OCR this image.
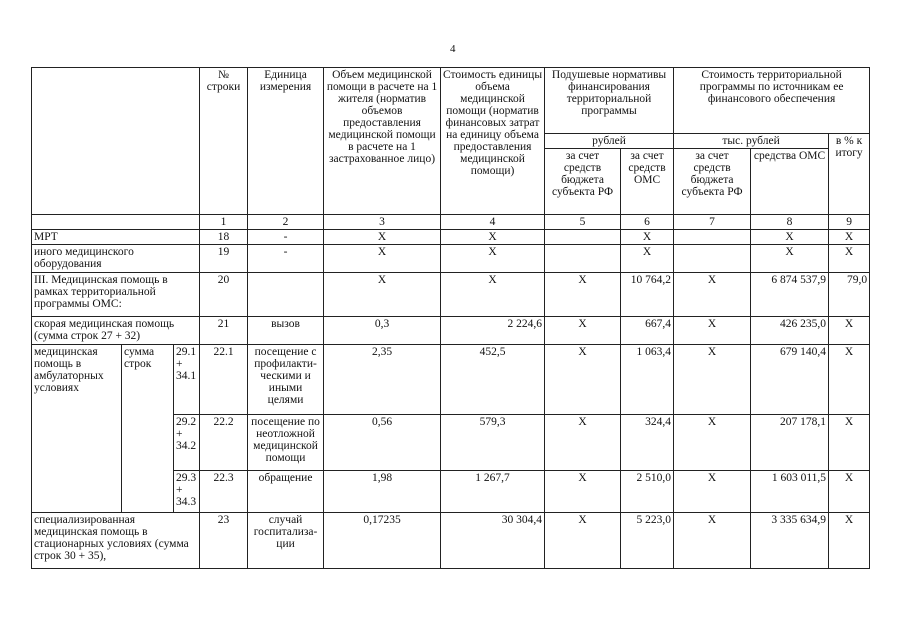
4
			№ строки	Единица измерения	Объем медицинской помощи в расчете на 1 жителя (норматив объемов предоставления медицинской помощи в расчете на 1 застрахованное лицо)	Стоимость единицы объема медицинской помощи (норматив финансовых затрат на единицу объема предоставления медицинской помощи)	Подушевые нормативы финансирования территориальной программы		Стоимость территориальной программы по источникам ее финансового обеспечения		
							рублей		тыс. рублей		в % к итогу
							за счет средств бюджета субъекта РФ	за счет средств ОМС	за счет средств бюджета субъекта РФ	средства ОМС	
			1	2	3	4	5	6	7	8	9
МРТ			18	-	Х	Х		Х		Х	Х
иного медицинского оборудования			19	-	Х	Х		Х		Х	Х
III. Медицинская помощь в рамках территориальной программы ОМС:			20		Х	Х	Х	10 764,2	Х	6 874 537,9	79,0
скорая медицинская помощь (сумма строк 27 + 32)			21	вызов	0,3	2 224,6	Х	667,4	Х	426 235,0	Х
медицинская помощь в амбулаторных условиях	сумма строк	29.1 + 34.1	22.1	посещение с профилакти-ческими и иными целями	2,35	452,5	Х	1 063,4	Х	679 140,4	Х
		29.2 + 34.2	22.2	посещение по неотложной медицинской помощи	0,56	579,3	Х	324,4	Х	207 178,1	Х
		29.3 + 34.3	22.3	обращение	1,98	1 267,7	Х	2 510,0	Х	1 603 011,5	Х
специализированная медицинская помощь в стационарных условиях (сумма строк 30 + 35),			23	случай госпитализа-ции	0,17235	30 304,4	Х	5 223,0	Х	3 335 634,9	Х
